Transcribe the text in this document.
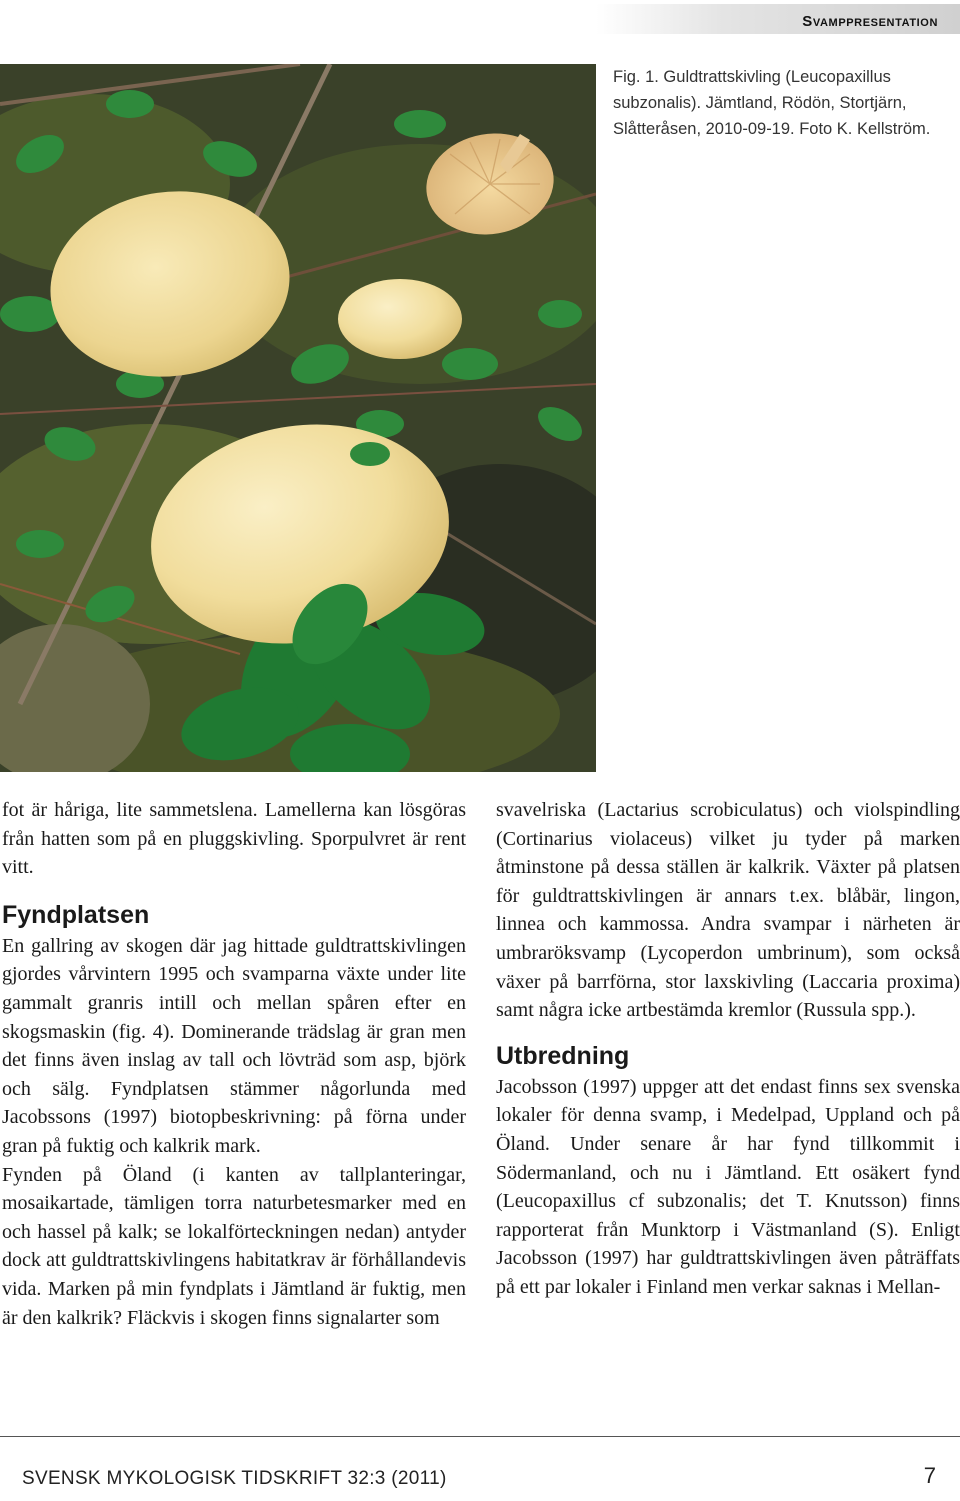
Svamppresentation
Fig. 1. Guldtrattskivling (Leucopaxillus subzonalis). Jämtland, Rödön, Stortjärn, Slåtteråsen, 2010-09-19. Foto K. Kellström.

fot är håriga, lite sammetslena. Lamellerna kan lösgöras från hatten som på en pluggskivling. Sporpulvret är rent vitt.

Fyndplatsen

En gallring av skogen där jag hittade guldtrattskivlingen gjordes vårvintern 1995 och svamparna växte under lite gammalt granris intill och mellan spåren efter en skogsmaskin (fig. 4). Dominerande trädslag är gran men det finns även inslag av tall och lövträd som asp, björk och sälg. Fyndplatsen stämmer någorlunda med Jacobssons (1997) biotopbeskrivning: på förna under gran på fuktig och kalkrik mark.

Fynden på Öland (i kanten av tallplanteringar, mosaikartade, tämligen torra naturbetesmarker med en och hassel på kalk; se lokalförteckningen nedan) antyder dock att guldtrattskivlingens habitatkrav är förhållandevis vida. Marken på min fyndplats i Jämtland är fuktig, men är den kalkrik? Fläckvis i skogen finns signalarter som

svavelriska (Lactarius scrobiculatus) och violspindling (Cortinarius violaceus) vilket ju tyder på marken åtminstone på dessa ställen är kalkrik. Växter på platsen för guldtrattskivlingen är annars t.ex. blåbär, lingon, linnea och kammossa. Andra svampar i närheten är umbraröksvamp (Lycoperdon umbrinum), som också växer på barrförna, stor laxskivling (Laccaria proxima) samt några icke artbestämda kremlor (Russula spp.).

Utbredning

Jacobsson (1997) uppger att det endast finns sex svenska lokaler för denna svamp, i Medelpad, Uppland och på Öland. Under senare år har fynd tillkommit i Södermanland, och nu i Jämtland. Ett osäkert fynd (Leucopaxillus cf subzonalis; det T. Knutsson) finns rapporterat från Munktorp i Västmanland (S). Enligt Jacobsson (1997) har guldtrattskivlingen även påträffats på ett par lokaler i Finland men verkar saknas i Mellan-

SVENSK MYKOLOGISK TIDSKRIFT 32:3 (2011)	7
